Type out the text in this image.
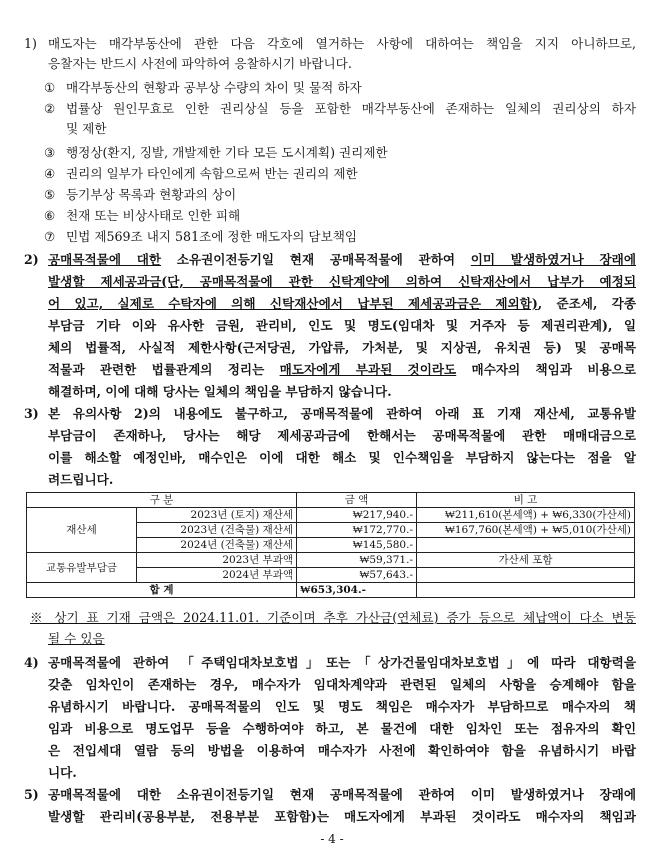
1) 매도자는 매각부동산에 관한 다음 각호에 열거하는 사항에 대하여는 책임을 지지 아니하므로,
응찰자는 반드시 사전에 파악하여 응찰하시기 바랍니다.
① 매각부동산의 현황과 공부상 수량의 차이 및 물적 하자
② 법률상 원인무효로 인한 권리상실 등을 포함한 매각부동산에 존재하는 일체의 권리상의 하자
및 제한
③ 행정상(환지, 징발, 개발제한 기타 모든 도시계획) 권리제한
④ 권리의 일부가 타인에게 속함으로써 반는 권리의 제한
⑤ 등기부상 목록과 현황과의 상이
⑥ 천재 또는 비상사태로 인한 피해
⑦ 민법 제569조 내지 581조에 정한 매도자의 담보책임
2) 공매목적물에 대한 소유권이전등기일 현재 공매목적물에 관하여 이미 발생하였거나 장래에
발생할 제세공과금(단, 공매목적물에 관한 신탁계약에 의하여 신탁재산에서 납부가 예정되
어 있고, 실제로 수탁자에 의해 신탁재산에서 납부된 제세공과금은 제외함), 준조세, 각종
부담금 기타 이와 유사한 금원, 관리비, 인도 및 명도(임대차 및 거주자 등 제권리관계), 일
체의 법률적, 사실적 제한사항(근저당권, 가압류, 가처분, 및 지상권, 유치권 등) 및 공매목
적물과 관련한 법률관계의 정리는 매도자에게 부과된 것이라도 매수자의 책임과 비용으로
해결하며, 이에 대해 당사는 일체의 책임을 부담하지 않습니다.
3) 본 유의사항 2)의 내용에도 불구하고, 공매목적물에 관하여 아래 표 기재 재산세, 교통유발
부담금이 존재하나, 당사는 해당 제세공과금에 한해서는 공매목적물에 관한 매매대금으로
이를 해소할 예정인바, 매수인은 이에 대한 해소 및 인수책임을 부담하지 않는다는 점을 알
려드립니다.
구 분		금 액	비 고
재산세	2023년 (토지) 재산세	₩217,940.-	₩211,610(본세액) + ₩6,330(가산세)
	2023년 (건축물) 재산세	₩172,770.-	₩167,760(본세액) + ₩5,010(가산세)
	2024년 (건축물) 재산세	₩145,580.-	
교통유발부담금	2023년 부과액	₩59,371.-	가산세 포함
	2024년 부과액	₩57,643.-	
합 계		₩653,304.-	
※ 상기 표 기재 금액은 2024.11.01. 기준이며 추후 가산금(연체료) 증가 등으로 체납액이 다소 변동
될 수 있음
4) 공매목적물에 관하여 「주택임대차보호법」또는「상가건물임대차보호법」에 따라 대항력을
갖춘 임차인이 존재하는 경우, 매수자가 임대차계약과 관련된 일체의 사항을 승계해야 함을
유념하시기 바랍니다. 공매목적물의 인도 및 명도 책임은 매수자가 부담하므로 매수자의 책
임과 비용으로 명도업무 등을 수행하여야 하고, 본 물건에 대한 임차인 또는 점유자의 확인
은 전입세대 열람 등의 방법을 이용하여 매수자가 사전에 확인하여야 함을 유념하시기 바랍
니다.
5) 공매목적물에 대한 소유권이전등기일 현재 공매목적물에 관하여 이미 발생하였거나 장래에
발생할 관리비(공용부분, 전용부분 포함함)는 매도자에게 부과된 것이라도 매수자의 책임과
- 4 -
